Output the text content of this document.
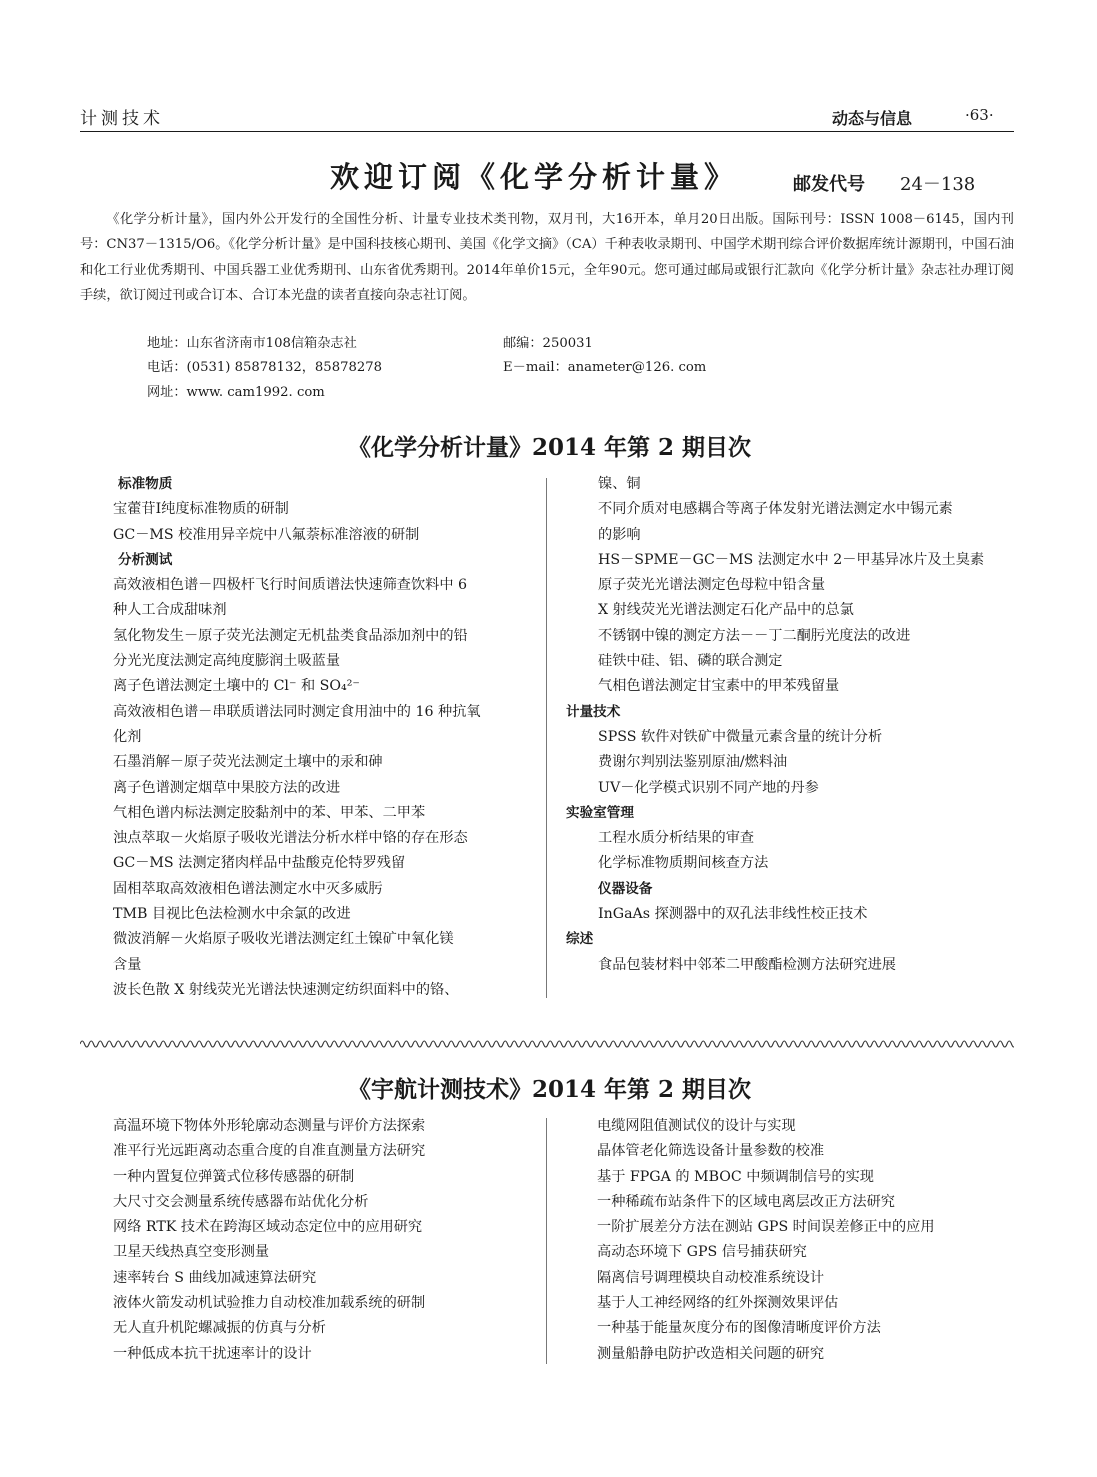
计测技术	动态与信息	·63·
欢迎订阅《化学分析计量》	邮发代号 24－138

《化学分析计量》，国内外公开发行的全国性分析、计量专业技术类刊物，双月刊，大16开本，单月20日出版。国际刊号：ISSN 1008－6145，国内刊号：CN37－1315/O6。《化学分析计量》是中国科技核心期刊、美国《化学文摘》（CA）千种表收录期刊、中国学术期刊综合评价数据库统计源期刊，中国石油和化工行业优秀期刊、中国兵器工业优秀期刊、山东省优秀期刊。2014年单价15元，全年90元。您可通过邮局或银行汇款向《化学分析计量》杂志社办理订阅手续，欲订阅过刊或合订本、合订本光盘的读者直接向杂志社订阅。

地址：山东省济南市108信箱杂志社	邮编：250031
电话：(0531) 85878132，85878278	E－mail：anameter@126. com
网址：www. cam1992. com
《化学分析计量》2014 年第 2 期目次
标准物质
宝藿苷Ⅰ纯度标准物质的研制
GC－MS 校准用异辛烷中八氟萘标准溶液的研制
分析测试
高效液相色谱－四极杆飞行时间质谱法快速筛查饮料中 6
种人工合成甜味剂
氢化物发生－原子荧光法测定无机盐类食品添加剂中的铅
分光光度法测定高纯度膨润土吸蓝量
离子色谱法测定土壤中的 Cl⁻ 和 SO₄²⁻
高效液相色谱－串联质谱法同时测定食用油中的 16 种抗氧
化剂
石墨消解－原子荧光法测定土壤中的汞和砷
离子色谱测定烟草中果胶方法的改进
气相色谱内标法测定胶黏剂中的苯、甲苯、二甲苯
浊点萃取－火焰原子吸收光谱法分析水样中铬的存在形态
GC－MS 法测定猪肉样品中盐酸克伦特罗残留
固相萃取高效液相色谱法测定水中灭多威肟
TMB 目视比色法检测水中余氯的改进
微波消解－火焰原子吸收光谱法测定红土镍矿中氧化镁
含量
波长色散 X 射线荧光光谱法快速测定纺织面料中的铬、
镍、铜
不同介质对电感耦合等离子体发射光谱法测定水中锡元素
的影响
HS－SPME－GC－MS 法测定水中 2－甲基异冰片及土臭素
原子荧光光谱法测定色母粒中铅含量
X 射线荧光光谱法测定石化产品中的总氯
不锈钢中镍的测定方法－－丁二酮肟光度法的改进
硅铁中硅、铝、磷的联合测定
气相色谱法测定甘宝素中的甲苯残留量
计量技术
SPSS 软件对铁矿中微量元素含量的统计分析
费谢尔判别法鉴别原油/燃料油
UV－化学模式识别不同产地的丹参
实验室管理
工程水质分析结果的审查
化学标准物质期间核查方法
仪器设备
InGaAs 探测器中的双孔法非线性校正技术
综述
食品包装材料中邻苯二甲酸酯检测方法研究进展
《宇航计测技术》2014 年第 2 期目次
高温环境下物体外形轮廓动态测量与评价方法探索
准平行光远距离动态重合度的自准直测量方法研究
一种内置复位弹簧式位移传感器的研制
大尺寸交会测量系统传感器布站优化分析
网络 RTK 技术在跨海区域动态定位中的应用研究
卫星天线热真空变形测量
速率转台 S 曲线加减速算法研究
液体火箭发动机试验推力自动校准加载系统的研制
无人直升机陀螺减振的仿真与分析
一种低成本抗干扰速率计的设计
电缆网阻值测试仪的设计与实现
晶体管老化筛选设备计量参数的校准
基于 FPGA 的 MBOC 中频调制信号的实现
一种稀疏布站条件下的区域电离层改正方法研究
一阶扩展差分方法在测站 GPS 时间误差修正中的应用
高动态环境下 GPS 信号捕获研究
隔离信号调理模块自动校准系统设计
基于人工神经网络的红外探测效果评估
一种基于能量灰度分布的图像清晰度评价方法
测量船静电防护改造相关问题的研究
